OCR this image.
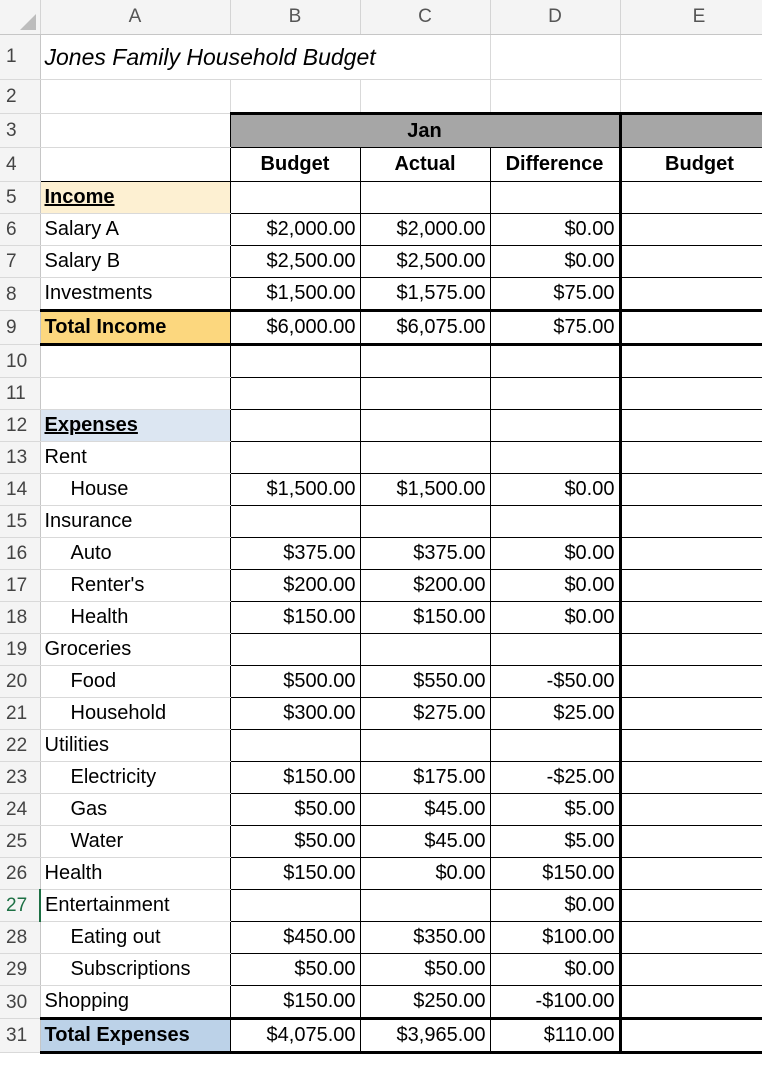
	A	B	C	D	E
1	Jones Family Household Budget				
2					
3		Jan			
4		Budget	Actual	Difference	Budget
5	Income				
6	Salary A	$2,000.00	$2,000.00	$0.00	
7	Salary B	$2,500.00	$2,500.00	$0.00	
8	Investments	$1,500.00	$1,575.00	$75.00	
9	Total Income	$6,000.00	$6,075.00	$75.00	
10					
11					
12	Expenses				
13	Rent				
14	House	$1,500.00	$1,500.00	$0.00	
15	Insurance				
16	Auto	$375.00	$375.00	$0.00	
17	Renter's	$200.00	$200.00	$0.00	
18	Health	$150.00	$150.00	$0.00	
19	Groceries				
20	Food	$500.00	$550.00	-$50.00	
21	Household	$300.00	$275.00	$25.00	
22	Utilities				
23	Electricity	$150.00	$175.00	-$25.00	
24	Gas	$50.00	$45.00	$5.00	
25	Water	$50.00	$45.00	$5.00	
26	Health	$150.00	$0.00	$150.00	
27	Entertainment			$0.00	
28	Eating out	$450.00	$350.00	$100.00	
29	Subscriptions	$50.00	$50.00	$0.00	
30	Shopping	$150.00	$250.00	-$100.00	
31	Total Expenses	$4,075.00	$3,965.00	$110.00	
